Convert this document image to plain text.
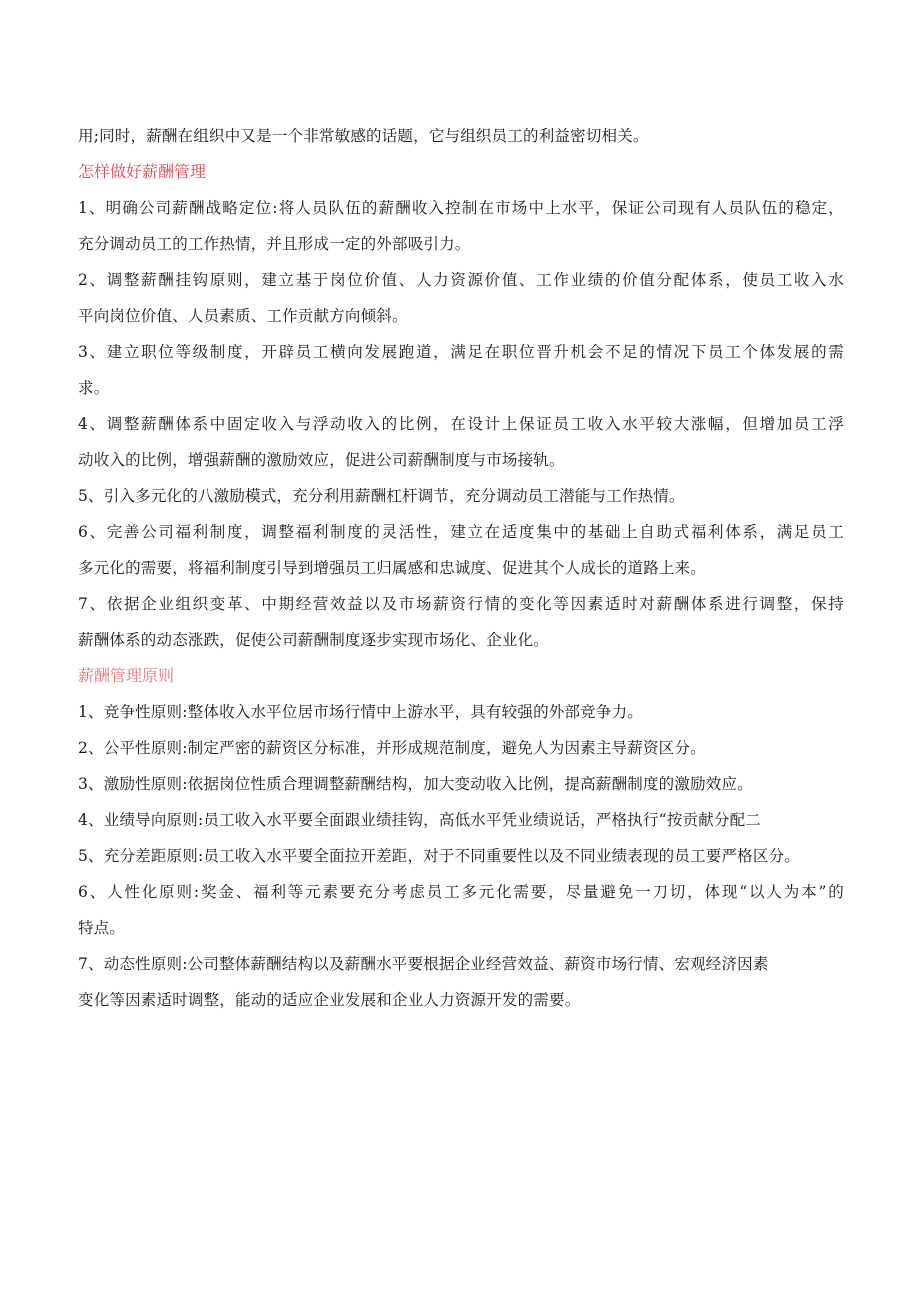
用;同时，薪酬在组织中又是一个非常敏感的话题，它与组织员工的利益密切相关。
怎样做好薪酬管理
1、明确公司薪酬战略定位:将人员队伍的薪酬收入控制在市场中上水平，保证公司现有人员队伍的稳定，
充分调动员工的工作热情，并且形成一定的外部吸引力。
2、调整薪酬挂钩原则，建立基于岗位价值、人力资源价值、工作业绩的价值分配体系，使员工收入水
平向岗位价值、人员素质、工作贡献方向倾斜。
3、建立职位等级制度，开辟员工横向发展跑道，满足在职位晋升机会不足的情况下员工个体发展的需
求。
4、调整薪酬体系中固定收入与浮动收入的比例，在设计上保证员工收入水平较大涨幅，但增加员工浮
动收入的比例，增强薪酬的激励效应，促进公司薪酬制度与市场接轨。
5、引入多元化的八激励模式，充分利用薪酬杠杆调节，充分调动员工潜能与工作热情。
6、完善公司福利制度，调整福利制度的灵活性，建立在适度集中的基础上自助式福利体系，满足员工
多元化的需要，将福利制度引导到增强员工归属感和忠诚度、促进其个人成长的道路上来。
7、依据企业组织变革、中期经营效益以及市场薪资行情的变化等因素适时对薪酬体系进行调整，保持
薪酬体系的动态涨跌，促使公司薪酬制度逐步实现市场化、企业化。
薪酬管理原则
1、竞争性原则:整体收入水平位居市场行情中上游水平，具有较强的外部竞争力。
2、公平性原则:制定严密的薪资区分标准，并形成规范制度，避免人为因素主导薪资区分。
3、激励性原则:依据岗位性质合理调整薪酬结构，加大变动收入比例，提高薪酬制度的激励效应。
4、业绩导向原则:员工收入水平要全面跟业绩挂钩，高低水平凭业绩说话，严格执行“按贡献分配二
5、充分差距原则:员工收入水平要全面拉开差距，对于不同重要性以及不同业绩表现的员工要严格区分。
6、人性化原则:奖金、福利等元素要充分考虑员工多元化需要，尽量避免一刀切，体现“以人为本”的
特点。
7、动态性原则:公司整体薪酬结构以及薪酬水平要根据企业经营效益、薪资市场行情、宏观经济因素
变化等因素适时调整，能动的适应企业发展和企业人力资源开发的需要。
